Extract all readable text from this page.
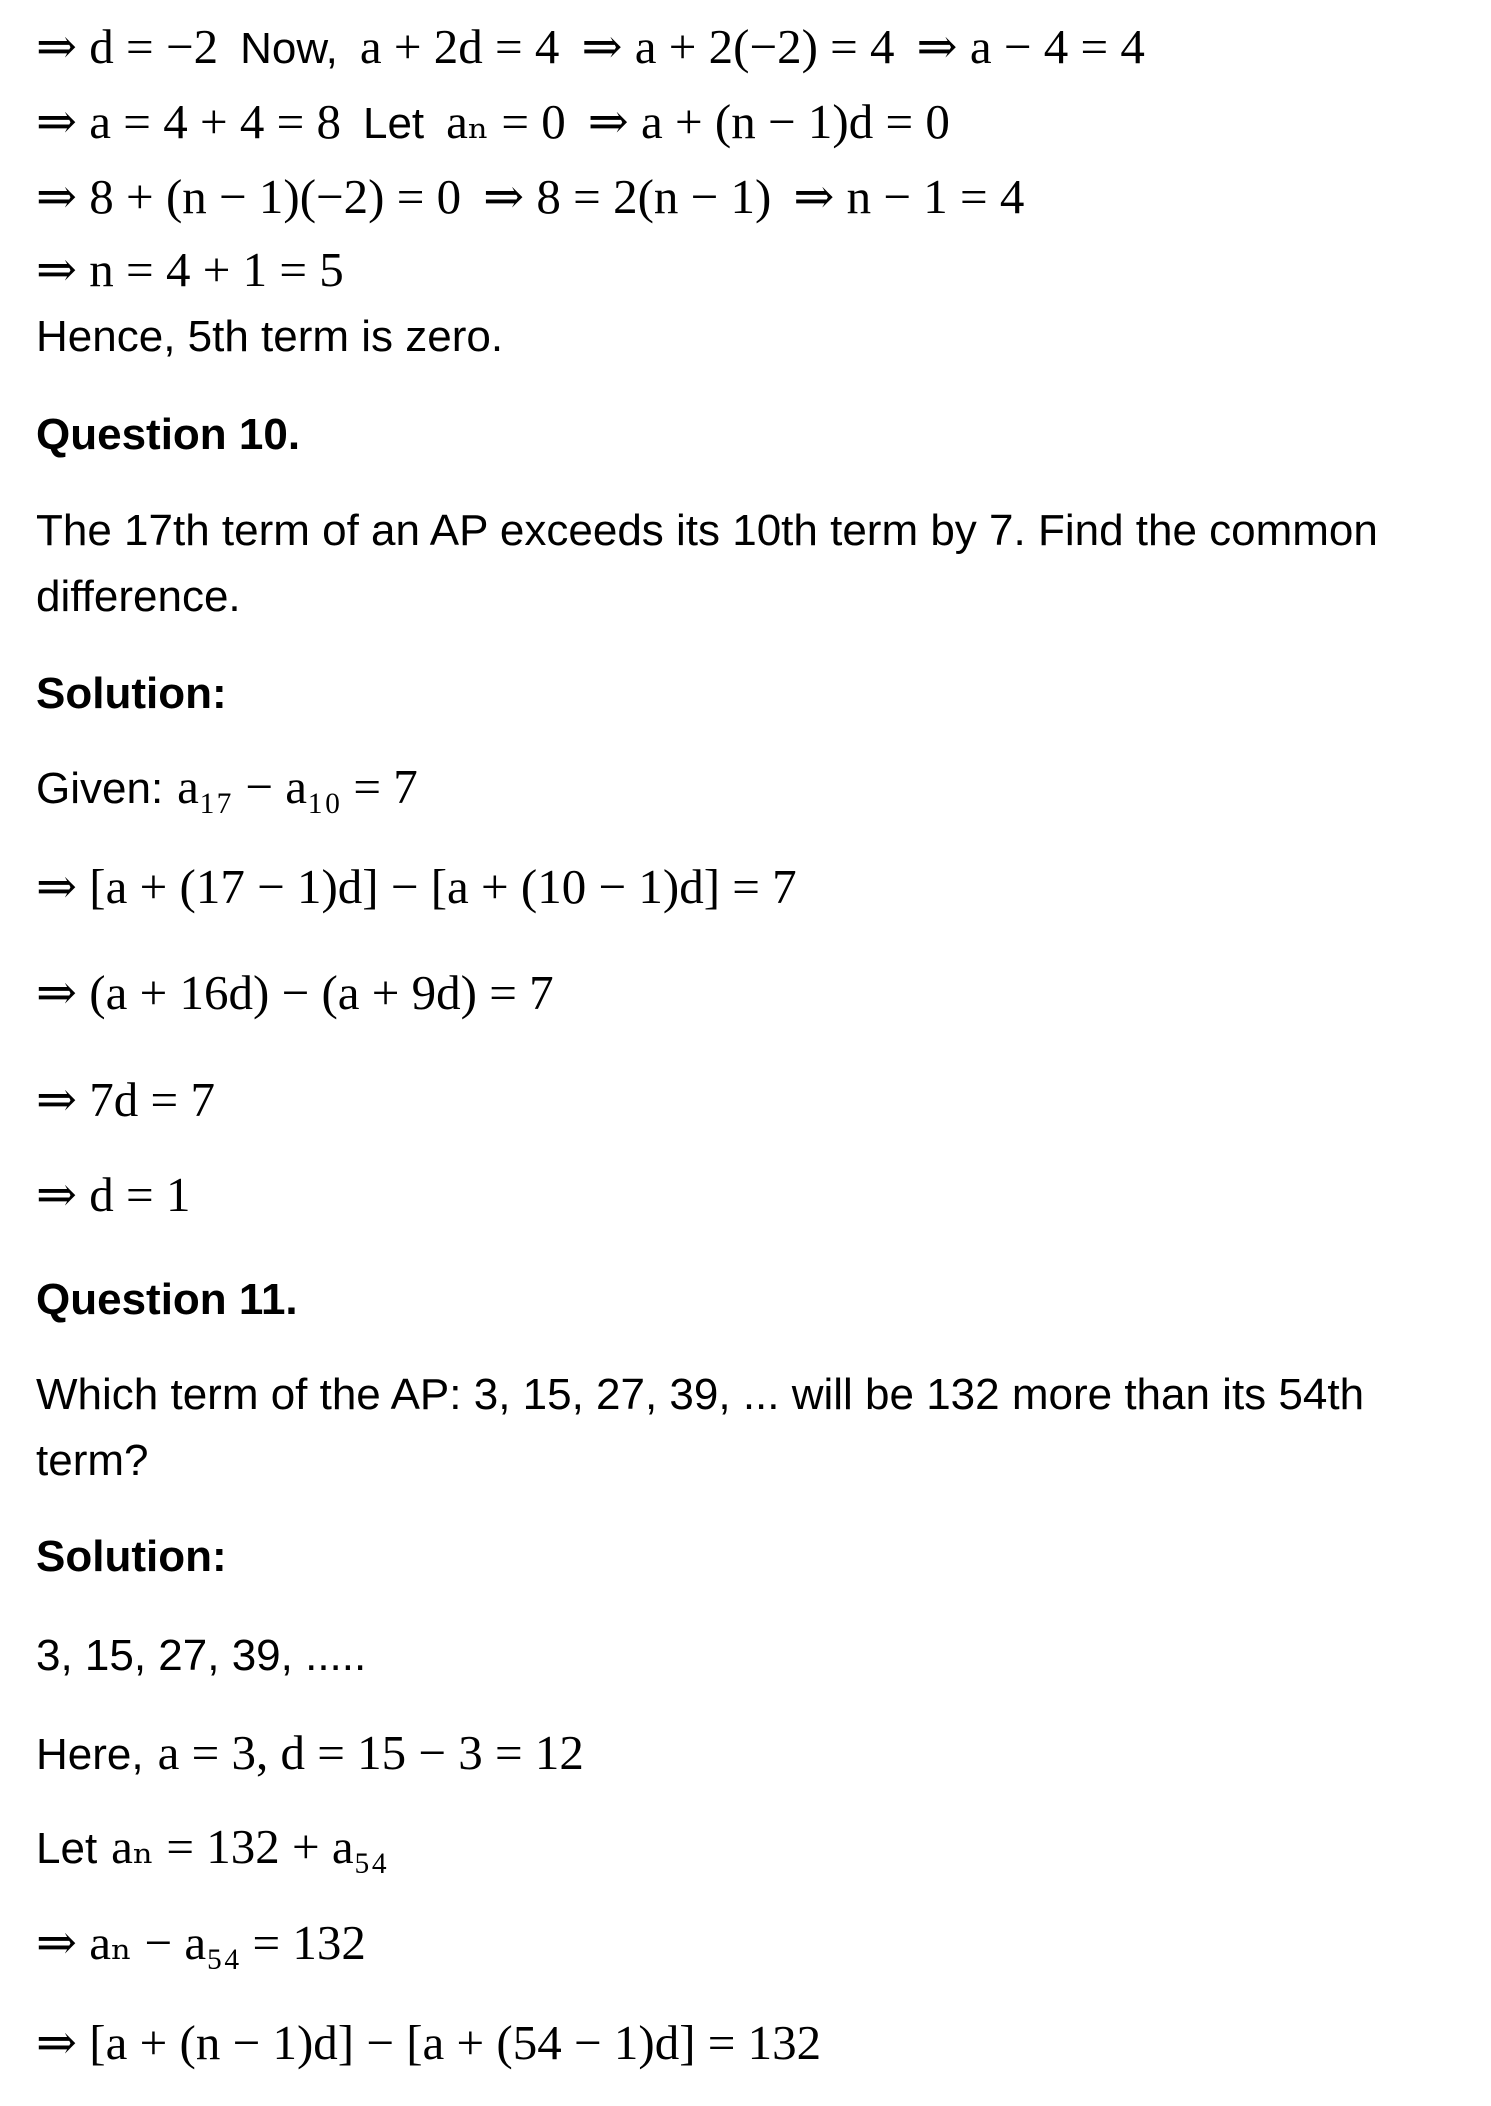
⇒ d = −2 Now, a + 2d = 4 ⇒ a + 2(−2) = 4 ⇒ a − 4 = 4
⇒ a = 4 + 4 = 8 Let aₙ = 0 ⇒ a + (n − 1)d = 0
⇒ 8 + (n − 1)(−2) = 0 ⇒ 8 = 2(n − 1) ⇒ n − 1 = 4
⇒ n = 4 + 1 = 5
Hence, 5th term is zero.
Question 10.
The 17th term of an AP exceeds its 10th term by 7. Find the common difference.
Solution:
Given: a₁₇ − a₁₀ = 7
⇒ [a + (17 − 1)d] − [a + (10 − 1)d] = 7
⇒ (a + 16d) − (a + 9d) = 7
⇒ 7d = 7
⇒ d = 1
Question 11.
Which term of the AP: 3, 15, 27, 39, ... will be 132 more than its 54th term?
Solution:
3, 15, 27, 39, .....
Here, a = 3, d = 15 − 3 = 12
Let aₙ = 132 + a₅₄
⇒ aₙ − a₅₄ = 132
⇒ [a + (n − 1)d] − [a + (54 − 1)d] = 132
